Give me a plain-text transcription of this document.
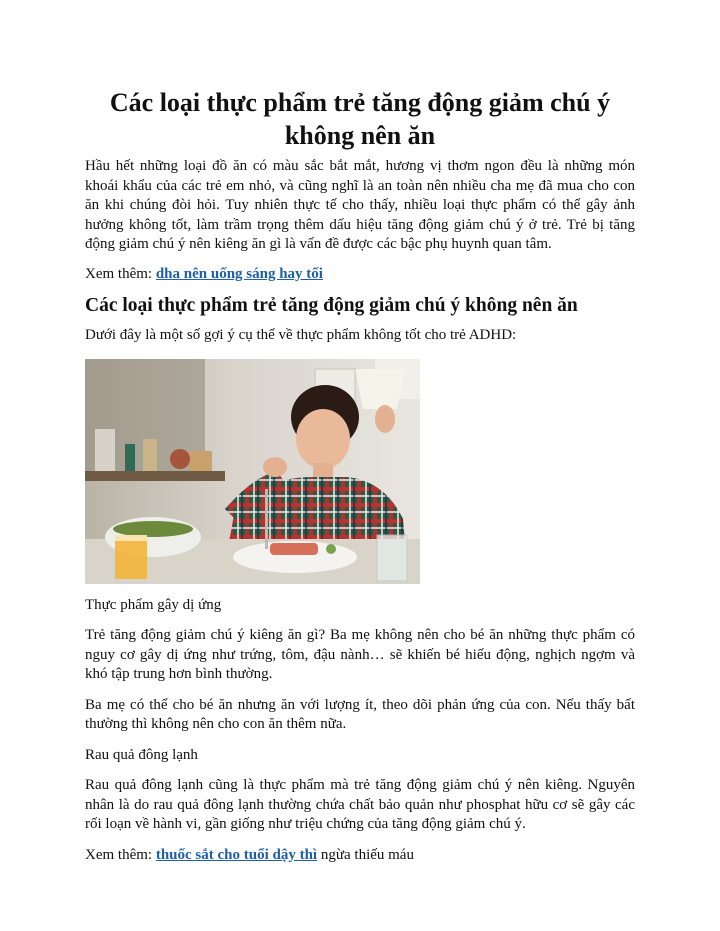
Các loại thực phẩm trẻ tăng động giảm chú ý không nên ăn

Hầu hết những loại đồ ăn có màu sắc bắt mắt, hương vị thơm ngon đều là những món khoái khẩu của các trẻ em nhỏ, và cũng nghĩ là an toàn nên nhiều cha mẹ đã mua cho con ăn khi chúng đòi hỏi. Tuy nhiên thực tế cho thấy, nhiều loại thực phẩm có thể gây ảnh hưởng không tốt, làm trầm trọng thêm dấu hiệu tăng động giảm chú ý ở trẻ. Trẻ bị tăng động giảm chú ý nên kiêng ăn gì là vấn đề được các bậc phụ huynh quan tâm.

Xem thêm: dha nên uống sáng hay tối

Các loại thực phẩm trẻ tăng động giảm chú ý không nên ăn

Dưới đây là một số gợi ý cụ thể về thực phẩm không tốt cho trẻ ADHD:

Thực phẩm gây dị ứng

Trẻ tăng động giảm chú ý kiêng ăn gì? Ba mẹ không nên cho bé ăn những thực phẩm có nguy cơ gây dị ứng như trứng, tôm, đậu nành… sẽ khiến bé hiếu động, nghịch ngợm và khó tập trung hơn bình thường.

Ba mẹ có thể cho bé ăn nhưng ăn với lượng ít, theo dõi phản ứng của con. Nếu thấy bất thường thì không nên cho con ăn thêm nữa.

Rau quả đông lạnh

Rau quả đông lạnh cũng là thực phẩm mà trẻ tăng động giảm chú ý nên kiêng. Nguyên nhân là do rau quả đông lạnh thường chứa chất bảo quản như phosphat hữu cơ sẽ gây các rối loạn về hành vi, gần giống như triệu chứng của tăng động giảm chú ý.

Xem thêm: thuốc sắt cho tuổi dậy thì ngừa thiếu máu
